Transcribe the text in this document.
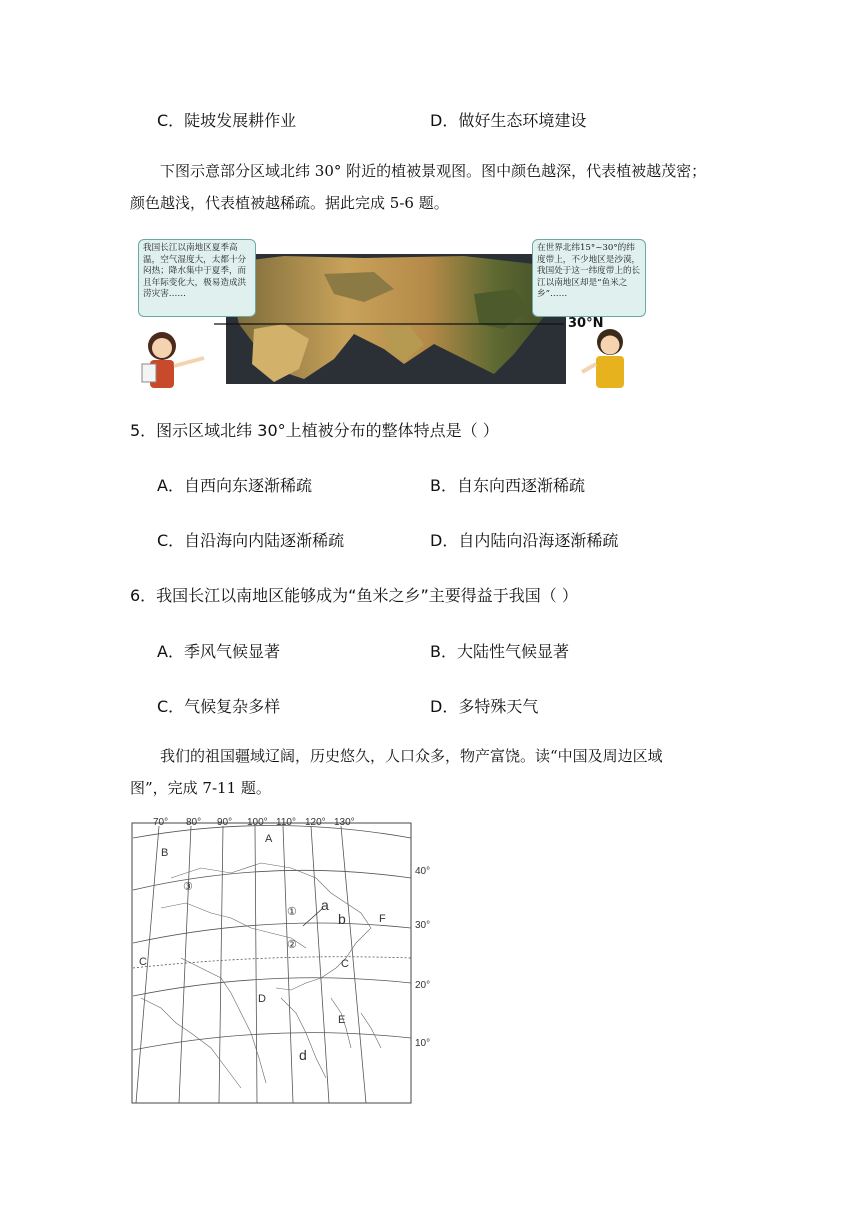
C．陡坡发展耕作业	D．做好生态环境建设
下图示意部分区域北纬 30° 附近的植被景观图。图中颜色越深，代表植被越茂密；
颜色越浅，代表植被越稀疏。据此完成 5-6 题。
我国长江以南地区夏季高温，空气湿度大，太都十分闷热；降水集中于夏季，而且年际变化大，极易造成洪涝灾害……
在世界北纬15°~30°的纬度带上，不少地区是沙漠，我国处于这一纬度带上的长江以南地区却是“鱼米之乡”……
30°N
5．图示区域北纬 30°上植被分布的整体特点是（ ）
A．自西向东逐渐稀疏	B．自东向西逐渐稀疏
C．自沿海向内陆逐渐稀疏	D．自内陆向沿海逐渐稀疏
6．我国长江以南地区能够成为“鱼米之乡”主要得益于我国（ ）
A．季风气候显著	B．大陆性气候显著
C．气候复杂多样	D．多特殊天气
我们的祖国疆域辽阔，历史悠久，人口众多，物产富饶。读“中国及周边区域
图”，完成 7-11 题。
70° 80° 90° 100° 110° 120° 130°
40°
30°
20°
10°
A
B
③
① a
b	F
②
C	C
D
E
d
